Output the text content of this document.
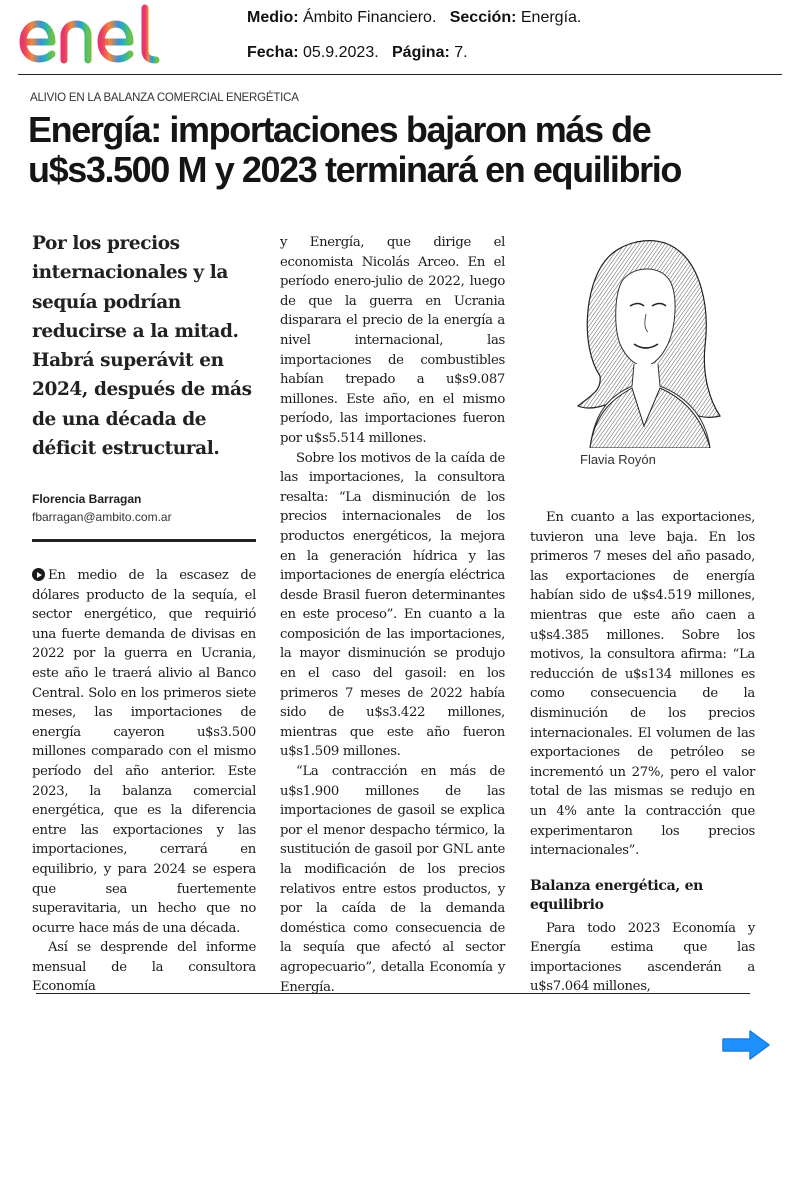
Medio: Ámbito Financiero. Sección: Energía.
Fecha: 05.9.2023. Página: 7.
ALIVIO EN LA BALANZA COMERCIAL ENERGÉTICA
Energía: importaciones bajaron más de u$s3.500 M y 2023 terminará en equilibrio
Por los precios internacionales y la sequía podrían reducirse a la mitad. Habrá superávit en 2024, después de más de una década de déficit estructural.
Florencia Barragan
fbarragan@ambito.com.ar

En medio de la escasez de dólares producto de la sequía, el sector energético, que requirió una fuerte demanda de divisas en 2022 por la guerra en Ucrania, este año le traerá alivio al Banco Central. Solo en los primeros siete meses, las importaciones de energía cayeron u$s3.500 millones comparado con el mismo período del año anterior. Este 2023, la balanza comercial energética, que es la diferencia entre las exportaciones y las importaciones, cerrará en equilibrio, y para 2024 se espera que sea fuertemente superavitaria, un hecho que no ocurre hace más de una década.

Así se desprende del informe mensual de la consultora Economía

y Energía, que dirige el economista Nicolás Arceo. En el período enero-julio de 2022, luego de que la guerra en Ucrania disparara el precio de la energía a nivel internacional, las importaciones de combustibles habían trepado a u$s9.087 millones. Este año, en el mismo período, las importaciones fueron por u$s5.514 millones.

Sobre los motivos de la caída de las importaciones, la consultora resalta: “La disminución de los precios internacionales de los productos energéticos, la mejora en la generación hídrica y las importaciones de energía eléctrica desde Brasil fueron determinantes en este proceso”. En cuanto a la composición de las importaciones, la mayor disminución se produjo en el caso del gasoil: en los primeros 7 meses de 2022 había sido de u$s3.422 millones, mientras que este año fueron u$s1.509 millones.

“La contracción en más de u$s1.900 millones de las importaciones de gasoil se explica por el menor despacho térmico, la sustitución de gasoil por GNL ante la modificación de los precios relativos entre estos productos, y por la caída de la demanda doméstica como consecuencia de la sequía que afectó al sector agropecuario”, detalla Economía y Energía.

Flavia Royón

En cuanto a las exportaciones, tuvieron una leve baja. En los primeros 7 meses del año pasado, las exportaciones de energía habían sido de u$s4.519 millones, mientras que este año caen a u$s4.385 millones. Sobre los motivos, la consultora afirma: “La reducción de u$s134 millones es como consecuencia de la disminución de los precios internacionales. El volumen de las exportaciones de petróleo se incrementó un 27%, pero el valor total de las mismas se redujo en un 4% ante la contracción que experimentaron los precios internacionales”.

Balanza energética, en equilibrio

Para todo 2023 Economía y Energía estima que las importaciones ascenderán a u$s7.064 millones,
